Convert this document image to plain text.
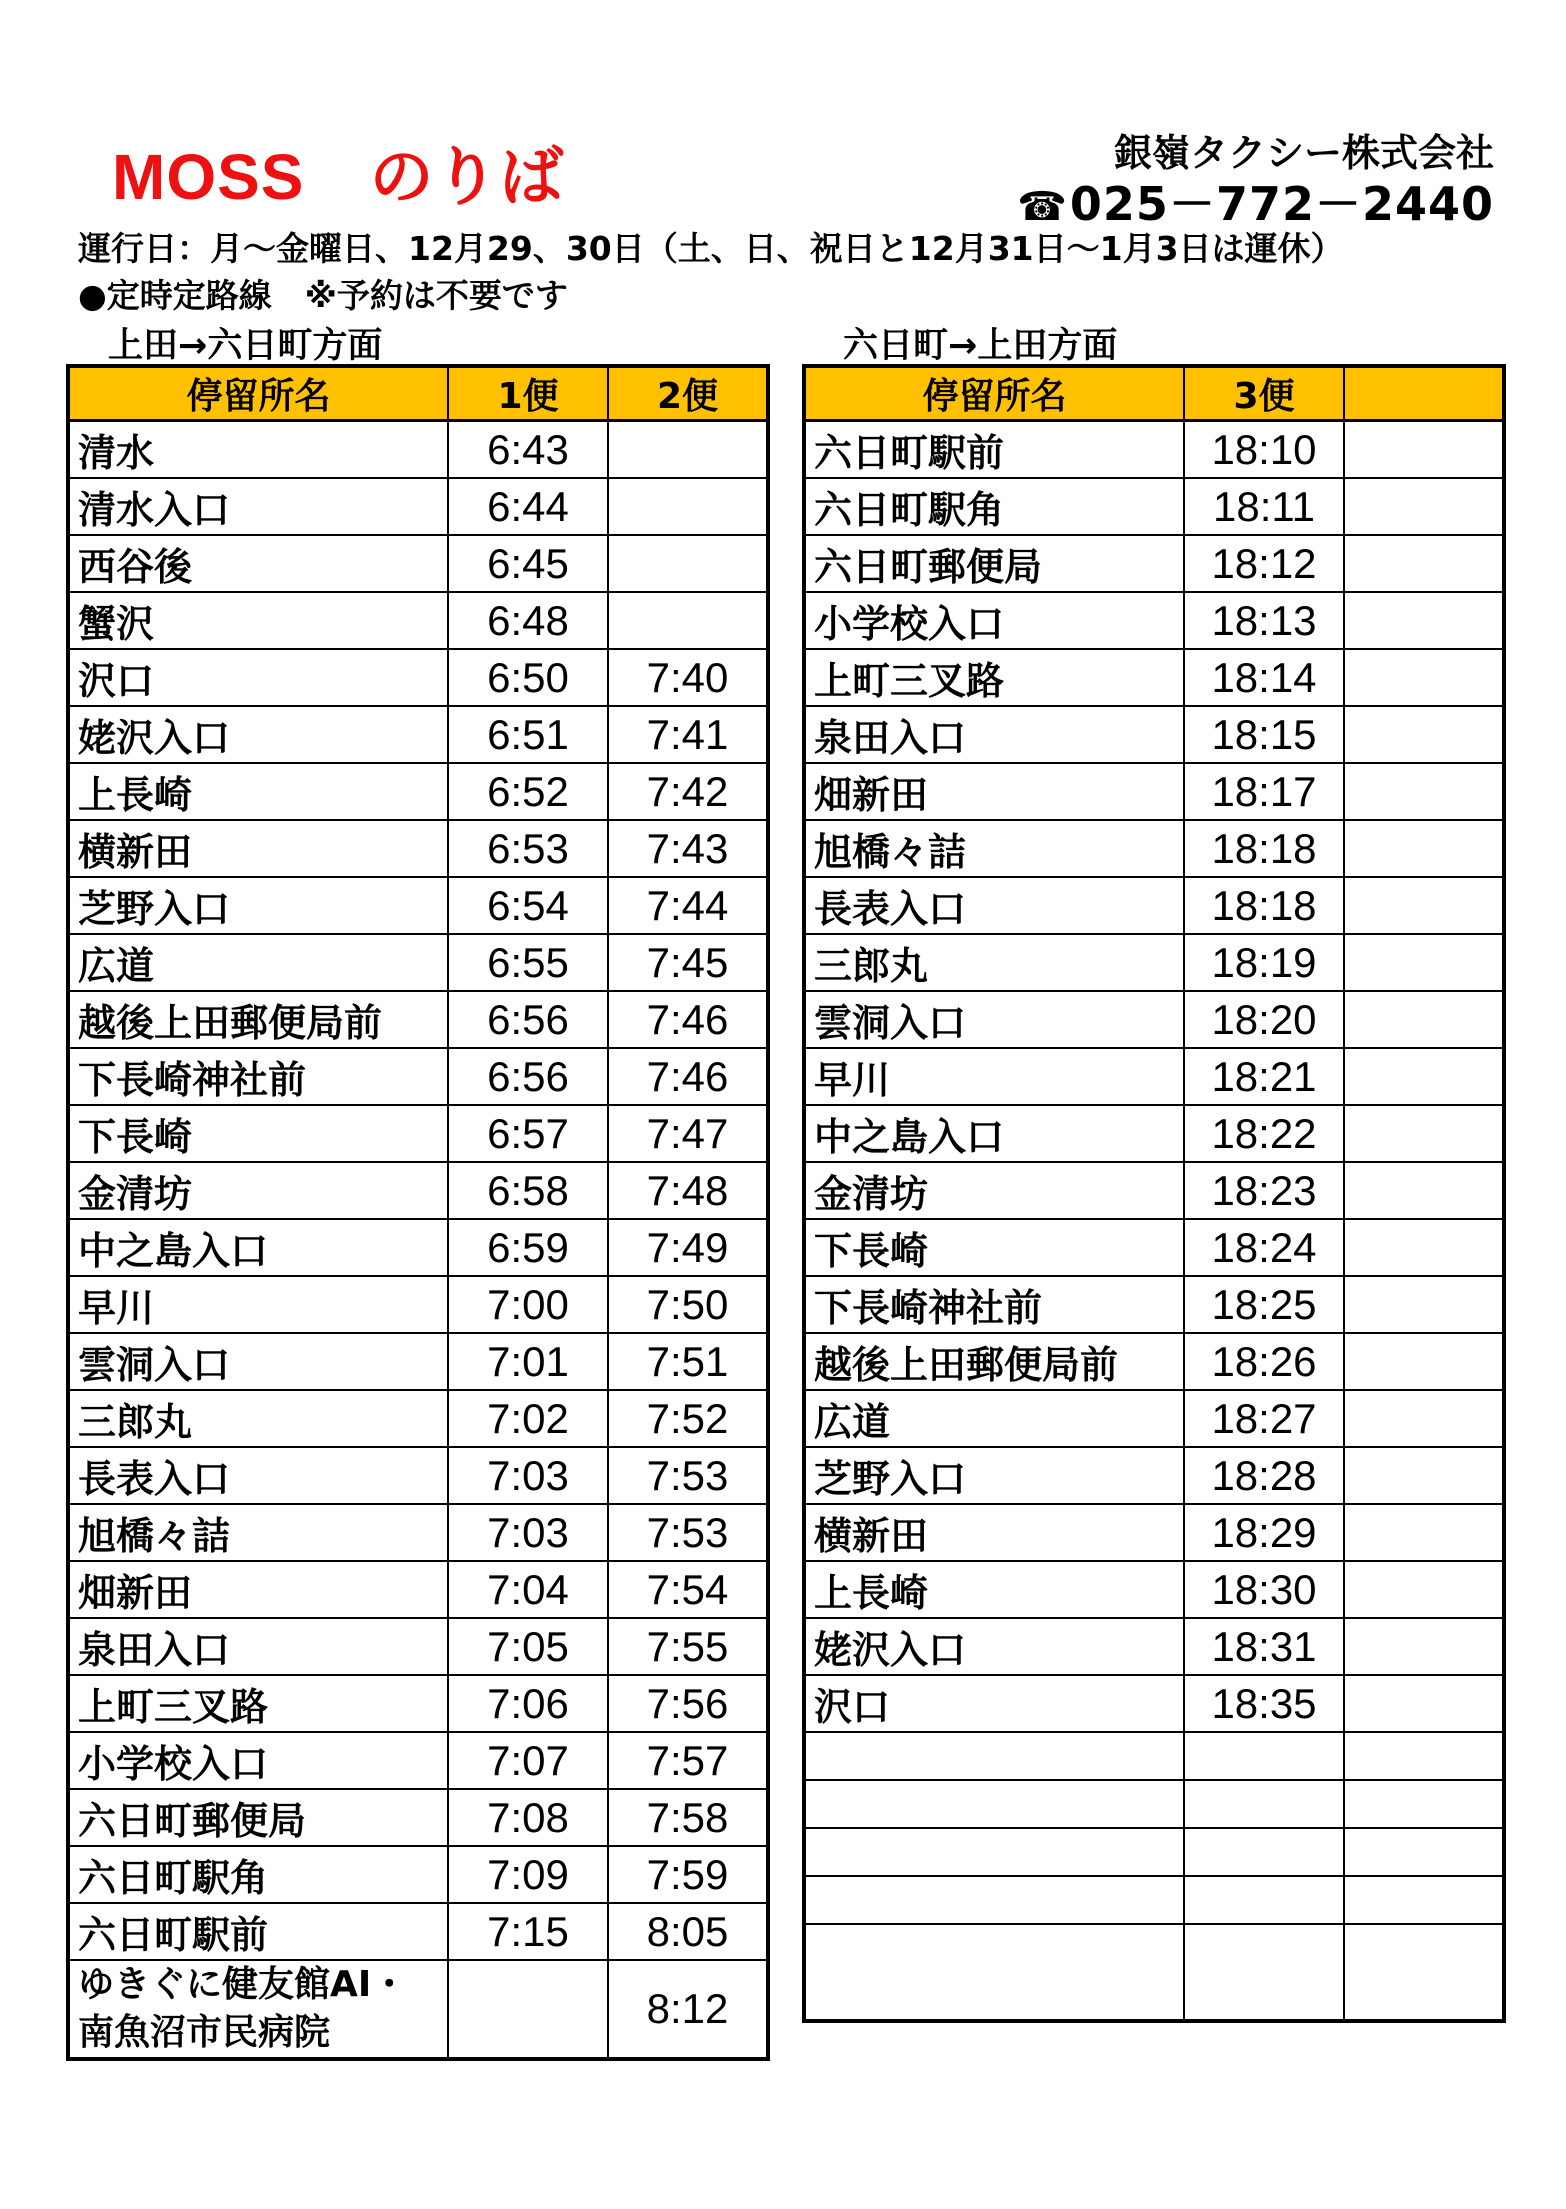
MOSS　のりば	銀嶺タクシー株式会社
☎025－772－2440
運行日：月～金曜日、12月29、30日（土、日、祝日と12月31日～1月3日は運休）
●定時定路線　※予約は不要です
上田→六日町方面	六日町→上田方面
停留所名	1便	2便
清水	6:43	
清水入口	6:44	
西谷後	6:45	
蟹沢	6:48	
沢口	6:50	7:40
姥沢入口	6:51	7:41
上長崎	6:52	7:42
横新田	6:53	7:43
芝野入口	6:54	7:44
広道	6:55	7:45
越後上田郵便局前	6:56	7:46
下長崎神社前	6:56	7:46
下長崎	6:57	7:47
金清坊	6:58	7:48
中之島入口	6:59	7:49
早川	7:00	7:50
雲洞入口	7:01	7:51
三郎丸	7:02	7:52
長表入口	7:03	7:53
旭橋々詰	7:03	7:53
畑新田	7:04	7:54
泉田入口	7:05	7:55
上町三叉路	7:06	7:56
小学校入口	7:07	7:57
六日町郵便局	7:08	7:58
六日町駅角	7:09	7:59
六日町駅前	7:15	8:05

ゆきぐに健友館AI・
南魚沼市民病院		8:12
停留所名	3便	
六日町駅前	18:10	
六日町駅角	18:11	
六日町郵便局	18:12	
小学校入口	18:13	
上町三叉路	18:14	
泉田入口	18:15	
畑新田	18:17	
旭橋々詰	18:18	
長表入口	18:18	
三郎丸	18:19	
雲洞入口	18:20	
早川	18:21	
中之島入口	18:22	
金清坊	18:23	
下長崎	18:24	
下長崎神社前	18:25	
越後上田郵便局前	18:26	
広道	18:27	
芝野入口	18:28	
横新田	18:29	
上長崎	18:30	
姥沢入口	18:31	
沢口	18:35	
